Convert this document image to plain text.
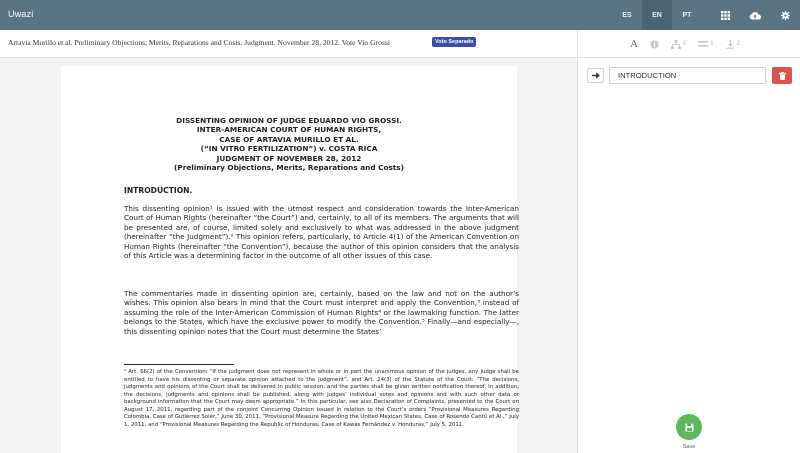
Uwazi	ES	EN	PT
Artavia Murillo et al. Preliminary Objections, Merits, Reparations and Costs. Judgment. November 28, 2012. Vote Vio Grossi	Voto Separado	A	0	1	2
DISSENTING OPINION OF JUDGE EDUARDO VIO GROSSI.
INTER-AMERICAN COURT OF HUMAN RIGHTS,
CASE OF ARTAVIA MURILLO ET AL.
(“IN VITRO FERTILIZATION”) v. COSTA RICA
JUDGMENT OF NOVEMBER 28, 2012
(Preliminary Objections, Merits, Reparations and Costs)
INTRODUCTION.
This dissenting opinion¹ is issued with the utmost respect and consideration towards the Inter-American Court of Human Rights (hereinafter “the Court”) and, certainly, to all of its members. The arguments that will be presented are, of course, limited solely and exclusively to what was addressed in the above judgment (hereinafter “the Judgment”).² This opinion refers, particularly, to Article 4(1) of the American Convention on Human Rights (hereinafter “the Convention”), because the author of this opinion considers that the analysis of this Article was a determining factor in the outcome of all other issues of this case.
The commentaries made in dissenting opinion are, certainly, based on the law and not on the author’s wishes. This opinion also bears in mind that the Court must interpret and apply the Convention,³ instead of assuming the role of the Inter-American Commission of Human Rights⁴ or the lawmaking function. The latter belongs to the States, which have the exclusive power to modify the Convention.⁵ Finally—and especially—, this dissenting opinion notes that the Court must determine the States’
¹ Art. 66(2) of the Convention: “If the judgment does not represent in whole or in part the unanimous opinion of the judges, any judge shall be entitled to have his dissenting or separate opinion attached to the judgment”, and Art. 24(3) of the Statute of the Court: “The decisions, judgments and opinions of the Court shall be delivered in public session, and the parties shall be given written notification thereof. In addition, the decisions, judgments and opinions shall be published, along with judges’ individual votes and opinions and with such other data or background information that the Court may deem appropriate.” In this particular, see also Declaration of Complaints, presented to the Court on August 17, 2011, regarding part of the conjoint Concurring Opinion issued in relation to the Court’s orders “Provisional Measures Regarding Colombia. Case of Gutiérrez Soler,” June 30, 2011, “Provisional Measure Regarding the United Mexican States, Case of Rosendo Cantú et Al.,” July 1, 2011, and “Provisional Measures Regarding the Republic of Honduras, Case of Kawas Fernández v. Honduras,” July 5, 2011.
INTRODUCTION
Save
